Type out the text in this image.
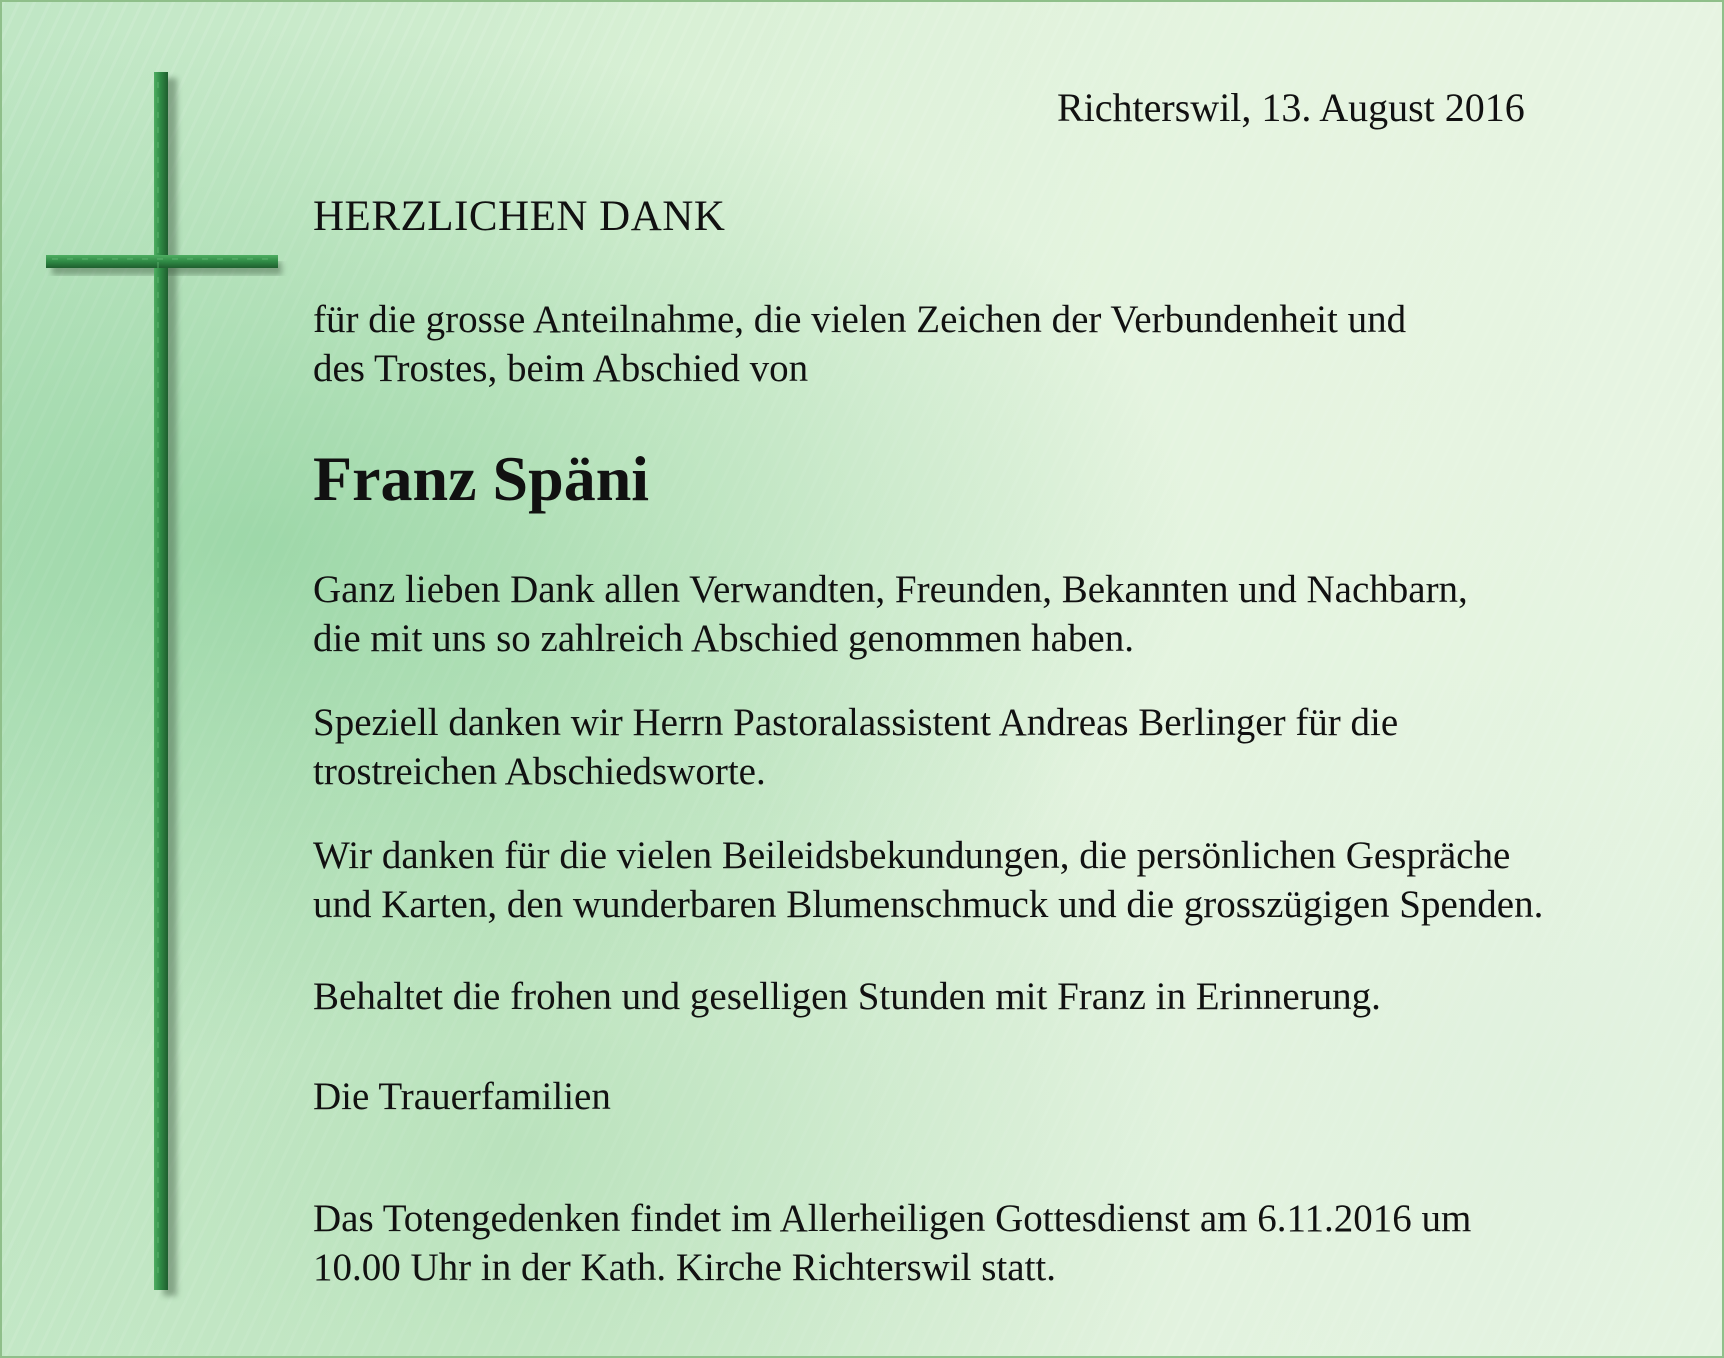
Richterswil, 13. August 2016

HERZLICHEN DANK

für die grosse Anteilnahme, die vielen Zeichen der Verbundenheit und
des Trostes, beim Abschied von

Franz Späni

Ganz lieben Dank allen Verwandten, Freunden, Bekannten und Nachbarn,
die mit uns so zahlreich Abschied genommen haben.
Speziell danken wir Herrn Pastoralassistent Andreas Berlinger für die
trostreichen Abschiedsworte.
Wir danken für die vielen Beileidsbekundungen, die persönlichen Gespräche
und Karten, den wunderbaren Blumenschmuck und die grosszügigen Spenden.

Behaltet die frohen und geselligen Stunden mit Franz in Erinnerung.

Die Trauerfamilien

Das Totengedenken findet im Allerheiligen Gottesdienst am 6.11.2016 um
10.00 Uhr in der Kath. Kirche Richterswil statt.
